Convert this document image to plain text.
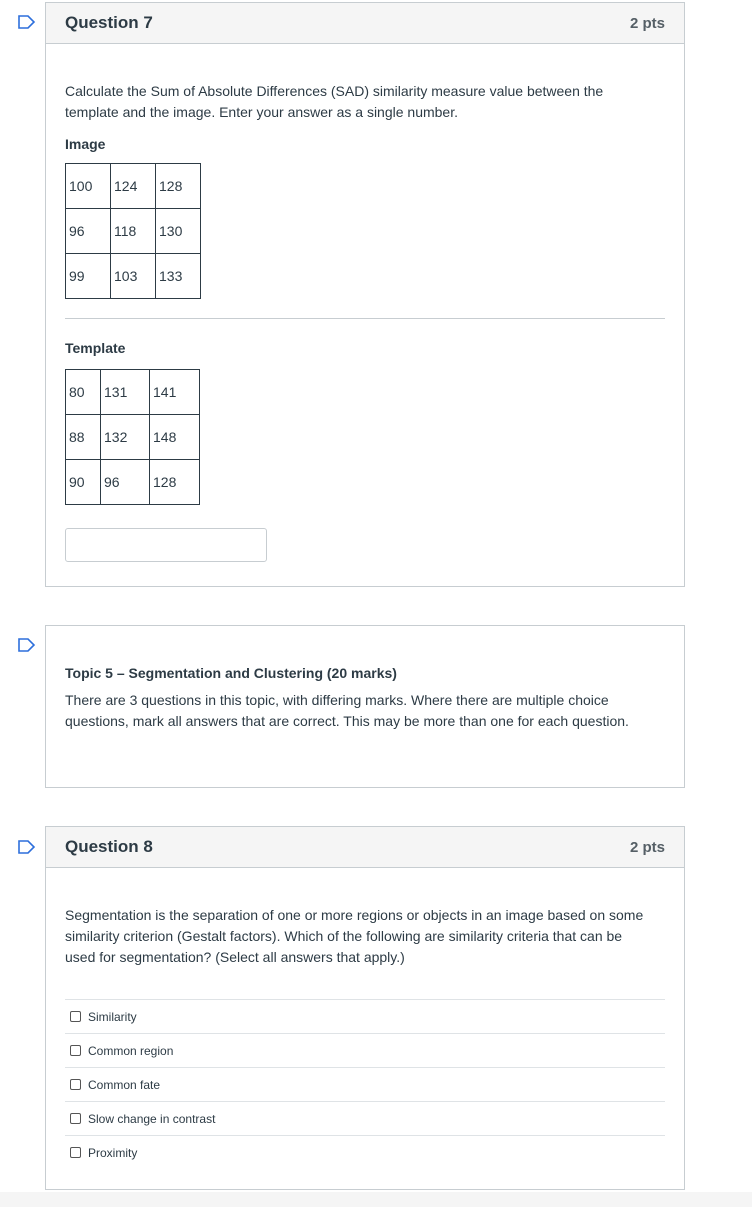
Question 7	2 pts

Calculate the Sum of Absolute Differences (SAD) similarity measure value between the template and the image. Enter your answer as a single number.

Image

100	124	128
96	118	130
99	103	133

Template

80	131	141
88	132	148
90	96	128

Topic 5 – Segmentation and Clustering (20 marks)

There are 3 questions in this topic, with differing marks. Where there are multiple choice questions, mark all answers that are correct. This may be more than one for each question.

Question 8	2 pts

Segmentation is the separation of one or more regions or objects in an image based on some similarity criterion (Gestalt factors). Which of the following are similarity criteria that can be used for segmentation? (Select all answers that apply.)

Similarity
Common region
Common fate
Slow change in contrast
Proximity
